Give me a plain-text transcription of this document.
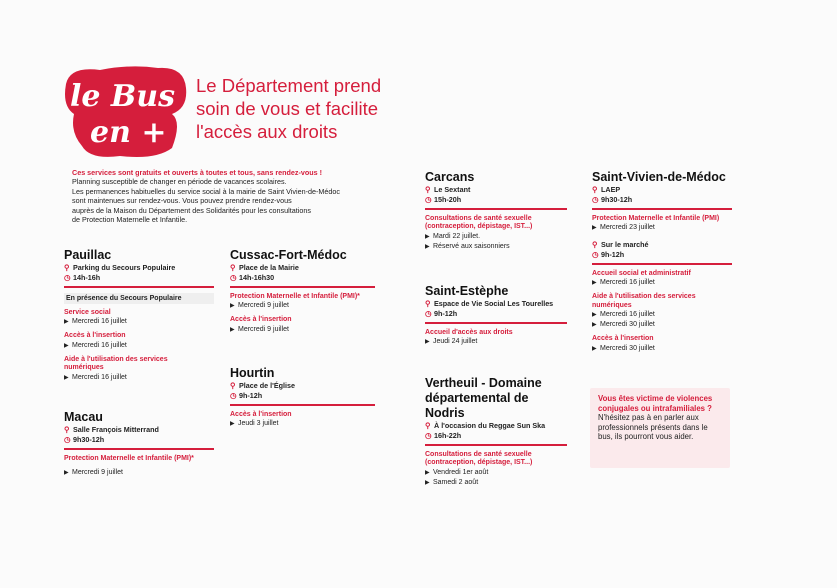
le Bus
en +
Le Département prend
soin de vous et facilite
l'accès aux droits
Ces services sont gratuits et ouverts à toutes et tous, sans rendez-vous !
Planning susceptible de changer en période de vacances scolaires.
Les permanences habituelles du service social à la mairie de Saint Vivien-de-Médoc
sont maintenues sur rendez-vous. Vous pouvez prendre rendez-vous
auprès de la Maison du Département des Solidarités pour les consultations
de Protection Maternelle et Infantile.
Pauillac
⚲ Parking du Secours Populaire
◷ 14h-16h
En présence du Secours Populaire
Service social
▶ Mercredi 16 juillet
Accès à l'insertion
▶ Mercredi 16 juillet
Aide à l'utilisation des services numériques
▶ Mercredi 16 juillet
Macau
⚲ Salle François Mitterrand
◷ 9h30-12h
Protection Maternelle et Infantile (PMI)*
▶ Mercredi 9 juillet
Cussac-Fort-Médoc
⚲ Place de la Mairie
◷ 14h-16h30
Protection Maternelle et Infantile (PMI)*
▶ Mercredi 9 juillet
Accès à l'insertion
▶ Mercredi 9 juillet
Hourtin
⚲ Place de l'Église
◷ 9h-12h
Accès à l'insertion
▶ Jeudi 3 juillet
Carcans
⚲ Le Sextant
◷ 15h-20h
Consultations de santé sexuelle (contraception, dépistage, IST...)
▶ Mardi 22 juillet.
▶ Réservé aux saisonniers
Saint-Estèphe
⚲ Espace de Vie Social Les Tourelles
◷ 9h-12h
Accueil d'accès aux droits
▶ Jeudi 24 juillet
Vertheuil - Domaine départemental de Nodris
⚲ À l'occasion du Reggae Sun Ska
◷ 16h-22h
Consultations de santé sexuelle (contraception, dépistage, IST...)
▶ Vendredi 1er août
▶ Samedi 2 août
Saint-Vivien-de-Médoc
⚲ LAEP
◷ 9h30-12h
Protection Maternelle et Infantile (PMI)
▶ Mercredi 23 juillet
⚲ Sur le marché
◷ 9h-12h
Accueil social et administratif
▶ Mercredi 16 juillet
Aide à l'utilisation des services numériques
▶ Mercredi 16 juillet
▶ Mercredi 30 juillet
Accès à l'insertion
▶ Mercredi 30 juillet
Vous êtes victime de violences conjugales ou intrafamiliales ?
N'hésitez pas à en parler aux professionnels présents dans le bus, ils pourront vous aider.
